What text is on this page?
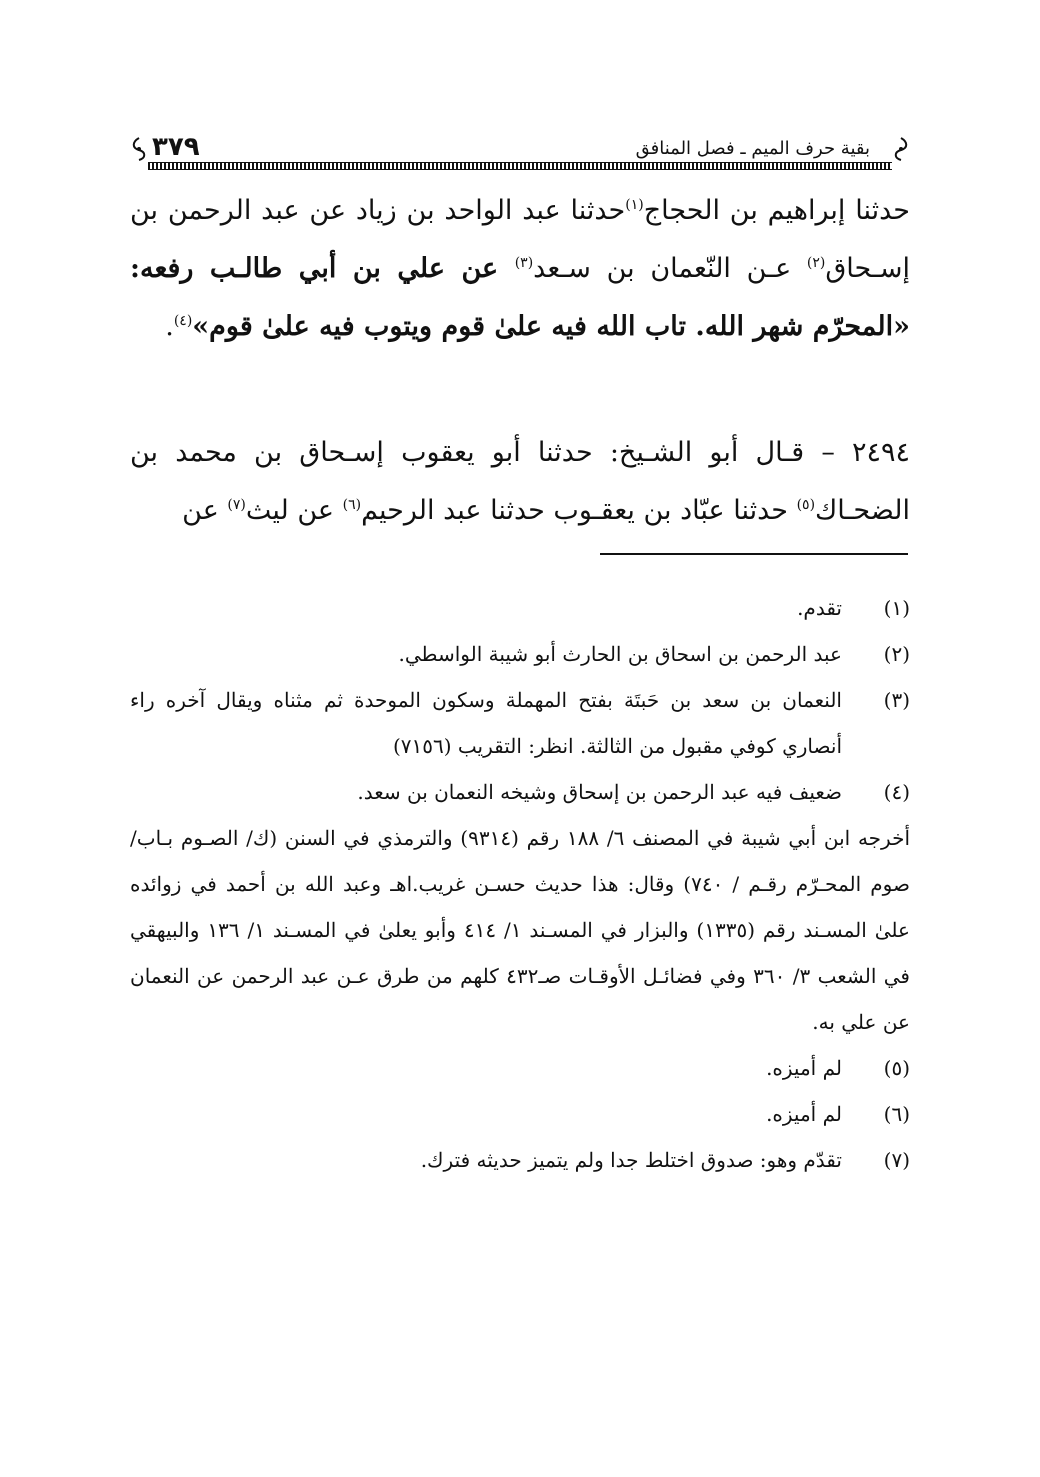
٣٧٩	بقية حرف الميم ـ فصل المنافق

حدثنا إبراهيم بن الحجاج$^{(١)}$حدثنا عبد الواحد بن زياد عن عبد الرحمن بن إسـحاق$^{(٢)}$ عـن النّعمان بن سـعد$^{(٣)}$ عن علي بن أبي طالـب رفعه: «المحرّم شهر الله. تاب الله فيه علىٰ قوم ويتوب فيه علىٰ قوم»$^{(٤)}$.

٢٤٩٤ – قـال أبو الشـيخ: حدثنا أبو يعقوب إسـحاق بن محمد بن الضحـاك$^{(٥)}$ حدثنا عبّاد بن يعقـوب حدثنا عبد الرحيم$^{(٦)}$ عن ليث$^{(٧)}$ عن

(١)
تقدم.
(٢)
عبد الرحمن بن اسحاق بن الحارث أبو شيبة الواسطي.
(٣)
النعمان بن سعد بن حَبتَة بفتح المهملة وسكون الموحدة ثم مثناه ويقال آخره راء أنصاري كوفي مقبول من الثالثة. انظر: التقريب (٧١٥٦)
(٤)
ضعيف فيه عبد الرحمن بن إسحاق وشيخه النعمان بن سعد.
أخرجه ابن أبي شيبة في المصنف ٦/ ١٨٨ رقم (٩٣١٤) والترمذي في السنن (ك/ الصـوم بـاب/ صوم المحـرّم رقـم / ٧٤٠) وقال: هذا حديث حسـن غريب.اهـ وعبد الله بن أحمد في زوائده علىٰ المسـند رقم (١٣٣٥) والبزار في المسـند ١/ ٤١٤ وأبو يعلىٰ في المسـند ١/ ١٣٦ والبيهقي في الشعب ٣/ ٣٦٠ وفي فضائـل الأوقـات صـ٤٣٢ كلهم من طرق عـن عبد الرحمن عن النعمان عن علي به.
(٥)
لم أميزه.
(٦)
لم أميزه.
(٧)
تقدّم وهو: صدوق اختلط جدا ولم يتميز حديثه فترك.
